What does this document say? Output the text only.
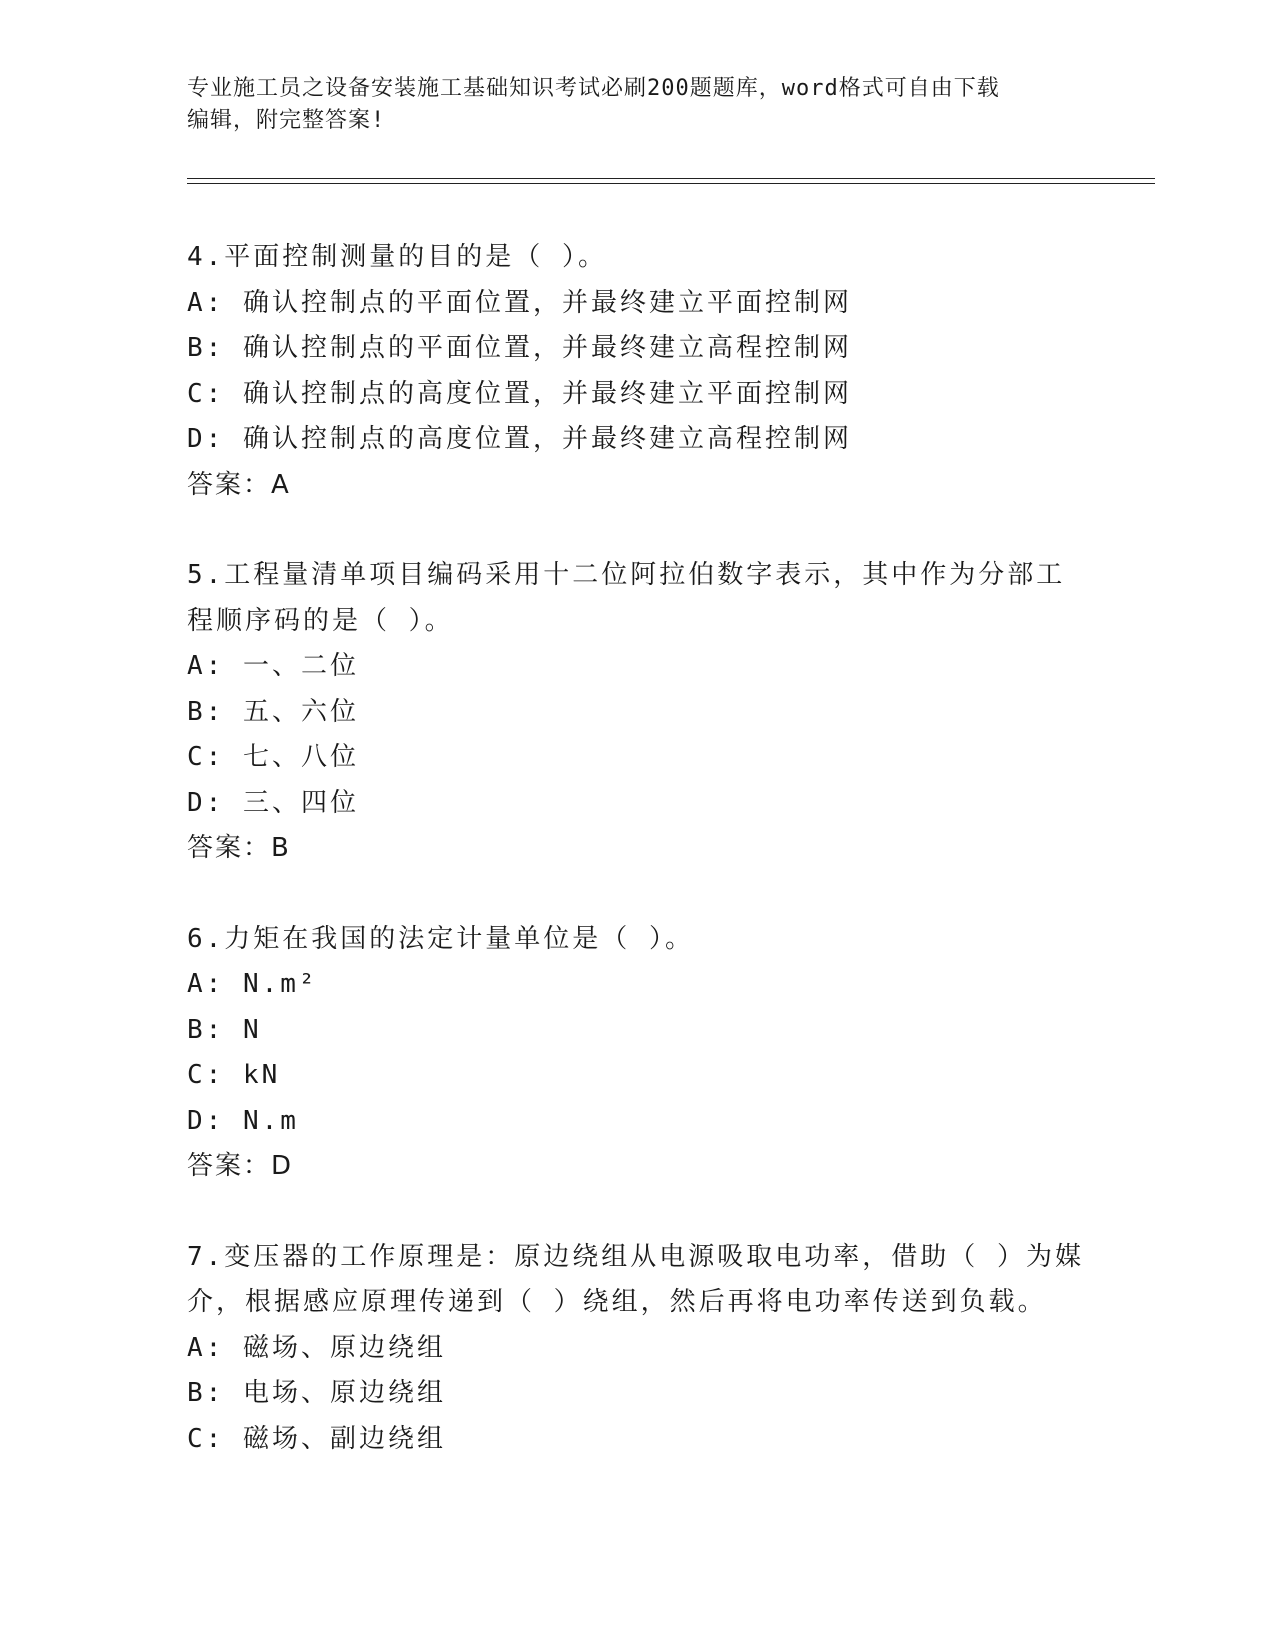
专业施工员之设备安装施工基础知识考试必刷200题题库，word格式可自由下载
编辑，附完整答案!
4.平面控制测量的目的是（ ）。
A: 确认控制点的平面位置，并最终建立平面控制网
B: 确认控制点的平面位置，并最终建立高程控制网
C: 确认控制点的高度位置，并最终建立平面控制网
D: 确认控制点的高度位置，并最终建立高程控制网
答案：A
5.工程量清单项目编码采用十二位阿拉伯数字表示，其中作为分部工
程顺序码的是（ ）。
A: 一、二位
B: 五、六位
C: 七、八位
D: 三、四位
答案：B
6.力矩在我国的法定计量单位是（ ）。
A: N.m²
B: N
C: kN
D: N.m
答案：D
7.变压器的工作原理是：原边绕组从电源吸取电功率，借助（ ）为媒
介，根据感应原理传递到（ ）绕组，然后再将电功率传送到负载。
A: 磁场、原边绕组
B: 电场、原边绕组
C: 磁场、副边绕组
